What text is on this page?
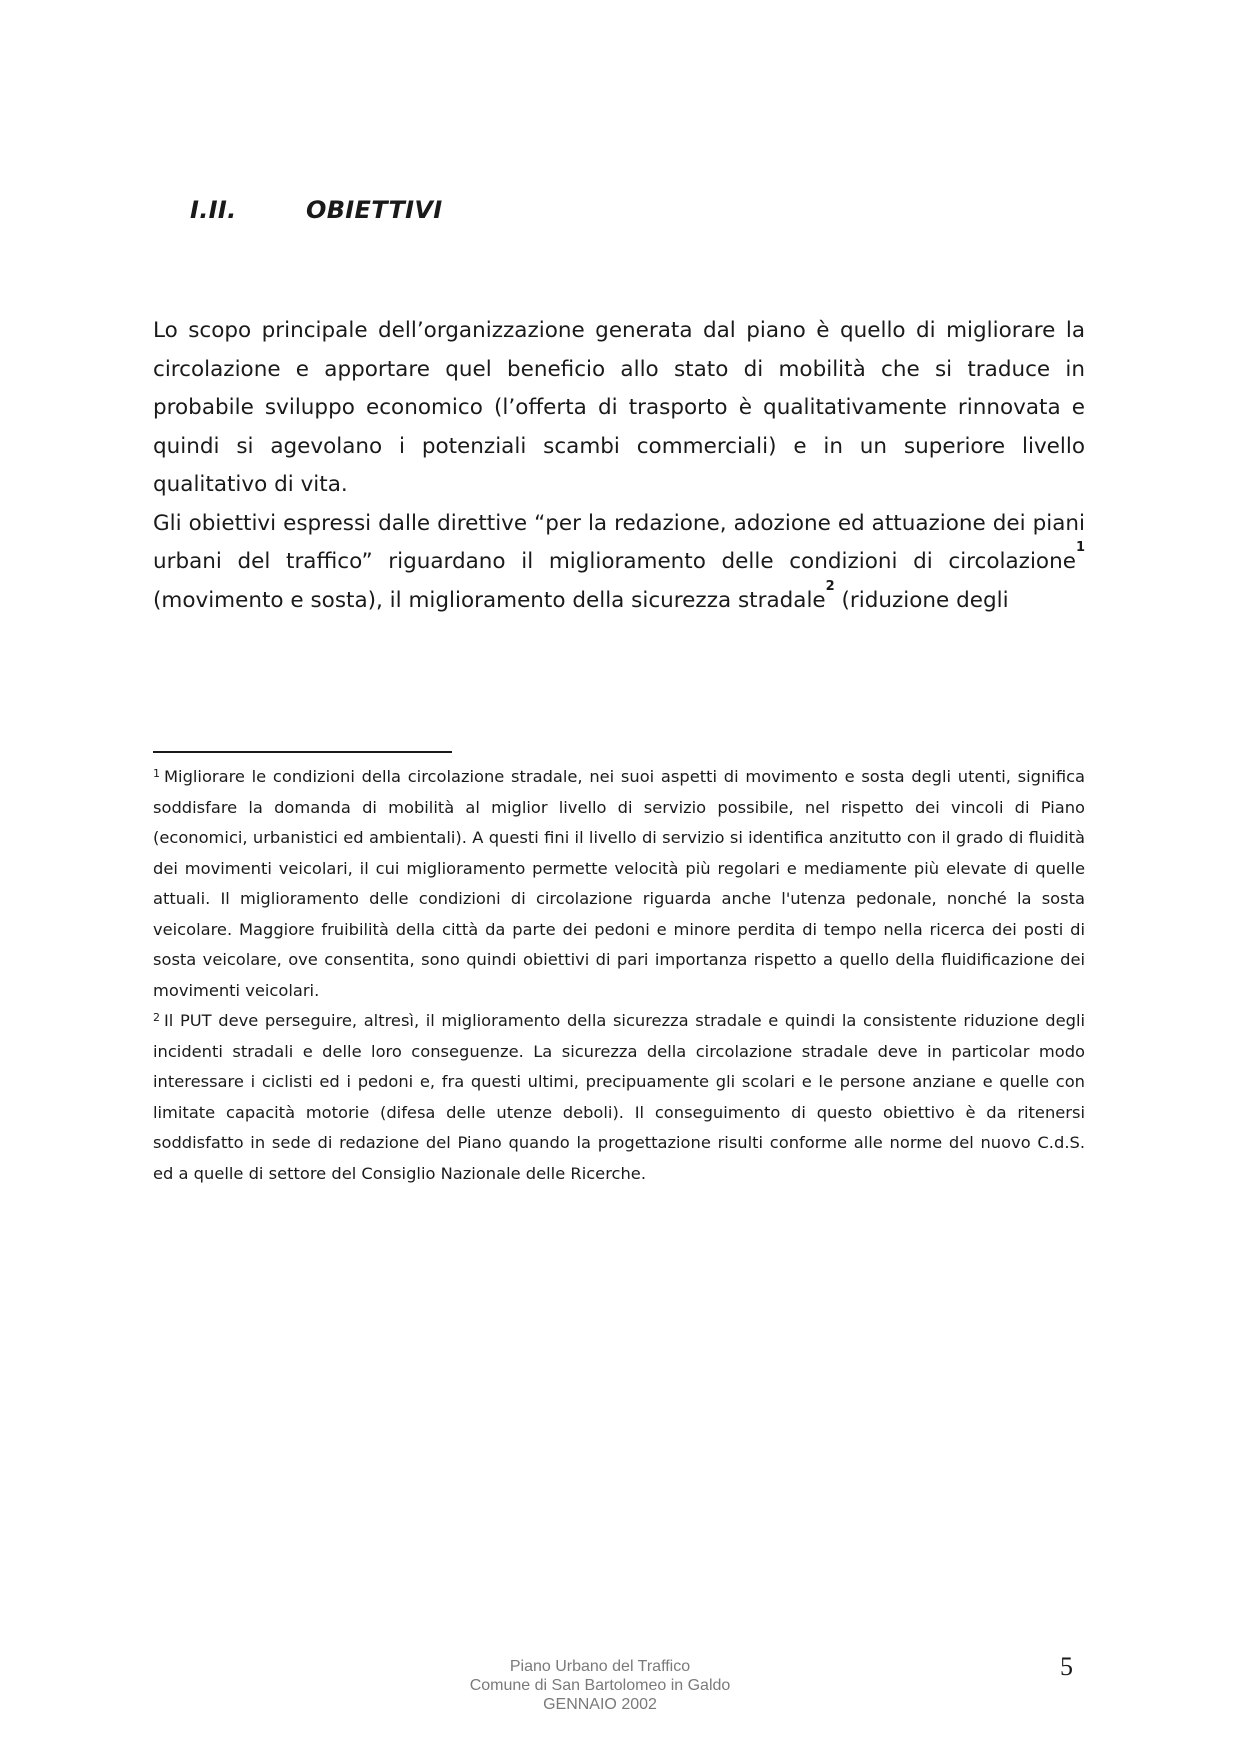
I.II.	OBIETTIVI

Lo scopo principale dell’organizzazione generata dal piano è quello di migliorare la circolazione e apportare quel beneficio allo stato di mobilità che si traduce in probabile sviluppo economico (l’offerta di trasporto è qualitativamente rinnovata e quindi si agevolano i potenziali scambi commerciali) e in un superiore livello qualitativo di vita.

Gli obiettivi espressi dalle direttive “per la redazione, adozione ed attuazione dei piani urbani del traffico” riguardano il miglioramento delle condizioni di circolazione$^1$ (movimento e sosta), il miglioramento della sicurezza stradale$^2$ (riduzione degli

$^1$ Migliorare le condizioni della circolazione stradale, nei suoi aspetti di movimento e sosta degli utenti, significa soddisfare la domanda di mobilità al miglior livello di servizio possibile, nel rispetto dei vincoli di Piano (economici, urbanistici ed ambientali). A questi fini il livello di servizio si identifica anzitutto con il grado di fluidità dei movimenti veicolari, il cui miglioramento permette velocità più regolari e mediamente più elevate di quelle attuali. Il miglioramento delle condizioni di circolazione riguarda anche l'utenza pedonale, nonché la sosta veicolare. Maggiore fruibilità della città da parte dei pedoni e minore perdita di tempo nella ricerca dei posti di sosta veicolare, ove consentita, sono quindi obiettivi di pari importanza rispetto a quello della fluidificazione dei movimenti veicolari.

$^2$ Il PUT deve perseguire, altresì, il miglioramento della sicurezza stradale e quindi la consistente riduzione degli incidenti stradali e delle loro conseguenze. La sicurezza della circolazione stradale deve in particolar modo interessare i ciclisti ed i pedoni e, fra questi ultimi, precipuamente gli scolari e le persone anziane e quelle con limitate capacità motorie (difesa delle utenze deboli). Il conseguimento di questo obiettivo è da ritenersi soddisfatto in sede di redazione del Piano quando la progettazione risulti conforme alle norme del nuovo C.d.S. ed a quelle di settore del Consiglio Nazionale delle Ricerche.

Piano Urbano del Traffico
Comune di San Bartolomeo in Galdo
GENNAIO 2002
5
